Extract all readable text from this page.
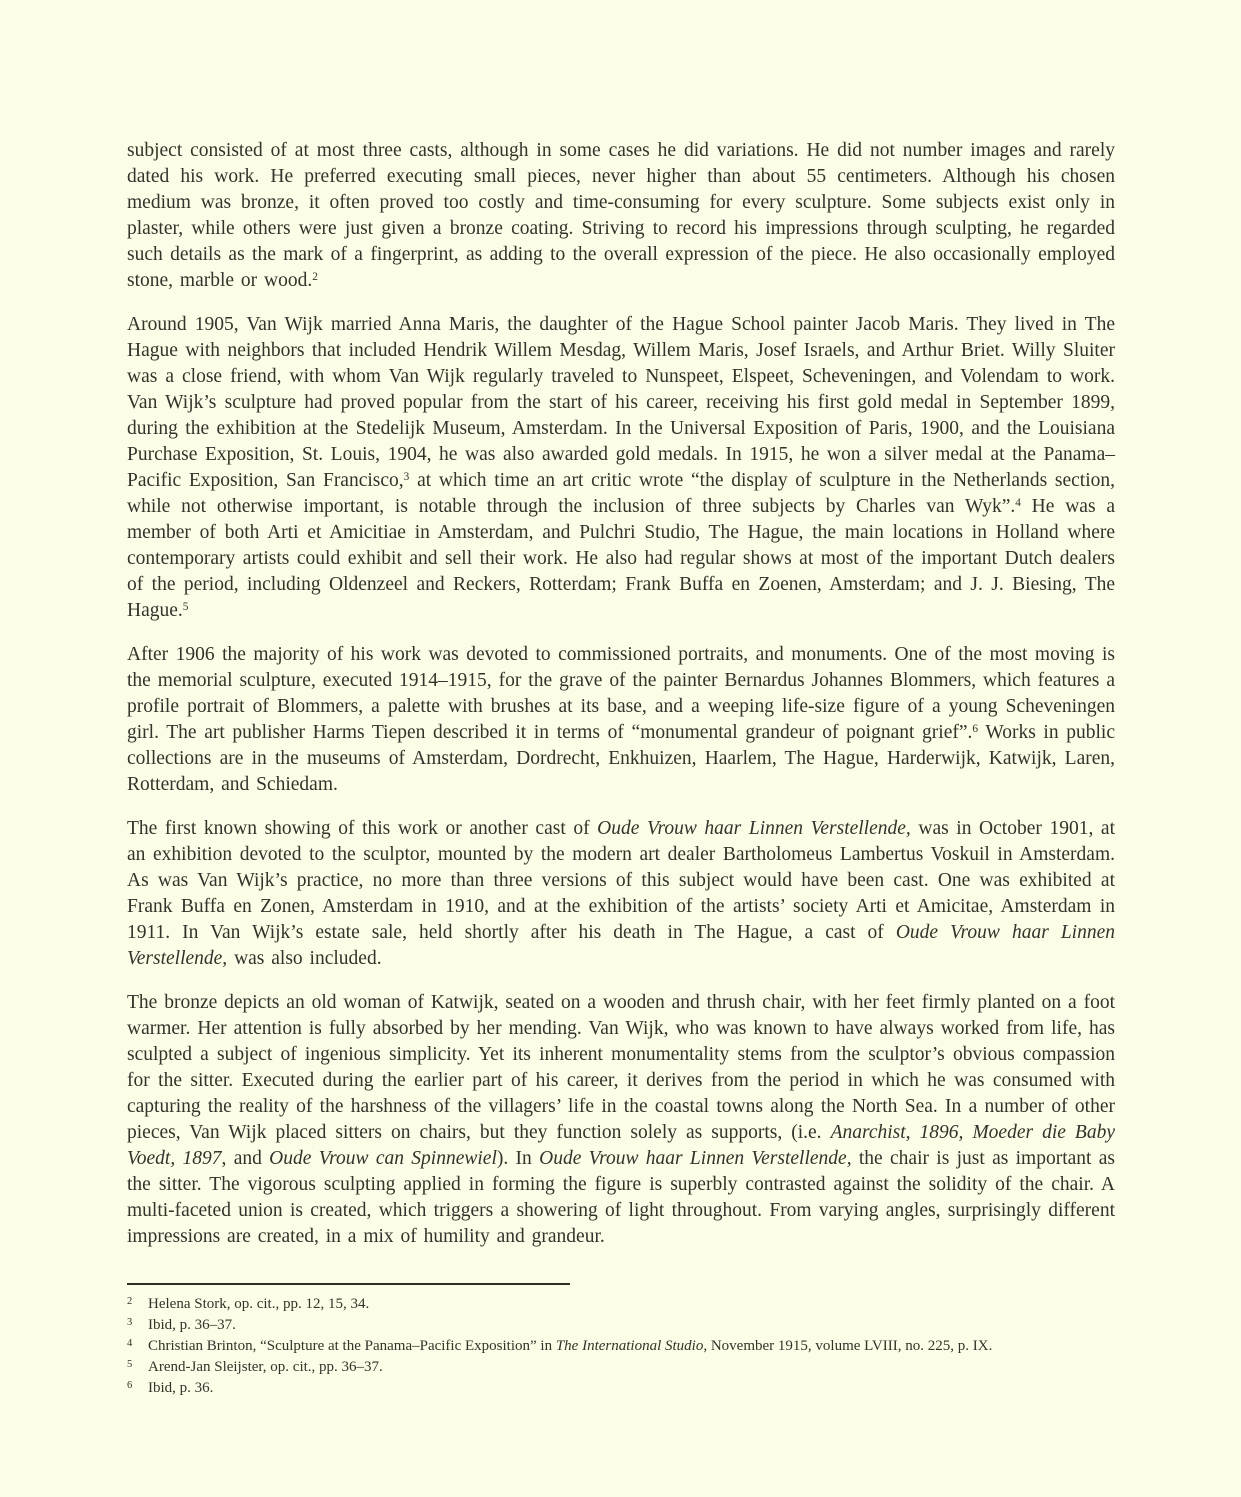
subject consisted of at most three casts, although in some cases he did variations. He did not number images and rarely dated his work. He preferred executing small pieces, never higher than about 55 centimeters. Although his chosen medium was bronze, it often proved too costly and time-consuming for every sculpture. Some subjects exist only in plaster, while others were just given a bronze coating. Striving to record his impressions through sculpting, he regarded such details as the mark of a fingerprint, as adding to the overall expression of the piece. He also occasionally employed stone, marble or wood.$^2$

Around 1905, Van Wijk married Anna Maris, the daughter of the Hague School painter Jacob Maris. They lived in The Hague with neighbors that included Hendrik Willem Mesdag, Willem Maris, Josef Israels, and Arthur Briet. Willy Sluiter was a close friend, with whom Van Wijk regularly traveled to Nunspeet, Elspeet, Scheveningen, and Volendam to work. Van Wijk’s sculpture had proved popular from the start of his career, receiving his first gold medal in September 1899, during the exhibition at the Stedelijk Museum, Amsterdam. In the Universal Exposition of Paris, 1900, and the Louisiana Purchase Exposition, St. Louis, 1904, he was also awarded gold medals. In 1915, he won a silver medal at the Panama–Pacific Exposition, San Francisco,$^3$ at which time an art critic wrote “the display of sculpture in the Netherlands section, while not otherwise important, is notable through the inclusion of three subjects by Charles van Wyk”.$^4$ He was a member of both Arti et Amicitiae in Amsterdam, and Pulchri Studio, The Hague, the main locations in Holland where contemporary artists could exhibit and sell their work. He also had regular shows at most of the important Dutch dealers of the period, including Oldenzeel and Reckers, Rotterdam; Frank Buffa en Zoenen, Amsterdam; and J. J. Biesing, The Hague.$^5$

After 1906 the majority of his work was devoted to commissioned portraits, and monuments. One of the most moving is the memorial sculpture, executed 1914–1915, for the grave of the painter Bernardus Johannes Blommers, which features a profile portrait of Blommers, a palette with brushes at its base, and a weeping life-size figure of a young Scheveningen girl. The art publisher Harms Tiepen described it in terms of “monumental grandeur of poignant grief”.$^6$ Works in public collections are in the museums of Amsterdam, Dordrecht, Enkhuizen, Haarlem, The Hague, Harderwijk, Katwijk, Laren, Rotterdam, and Schiedam.

The first known showing of this work or another cast of Oude Vrouw haar Linnen Verstellende, was in October 1901, at an exhibition devoted to the sculptor, mounted by the modern art dealer Bartholomeus Lambertus Voskuil in Amsterdam. As was Van Wijk’s practice, no more than three versions of this subject would have been cast. One was exhibited at Frank Buffa en Zonen, Amsterdam in 1910, and at the exhibition of the artists’ society Arti et Amicitae, Amsterdam in 1911. In Van Wijk’s estate sale, held shortly after his death in The Hague, a cast of Oude Vrouw haar Linnen Verstellende, was also included.

The bronze depicts an old woman of Katwijk, seated on a wooden and thrush chair, with her feet firmly planted on a foot warmer. Her attention is fully absorbed by her mending. Van Wijk, who was known to have always worked from life, has sculpted a subject of ingenious simplicity. Yet its inherent monumentality stems from the sculptor’s obvious compassion for the sitter. Executed during the earlier part of his career, it derives from the period in which he was consumed with capturing the reality of the harshness of the villagers’ life in the coastal towns along the North Sea. In a number of other pieces, Van Wijk placed sitters on chairs, but they function solely as supports, (i.e. Anarchist, 1896, Moeder die Baby Voedt, 1897, and Oude Vrouw can Spinnewiel). In Oude Vrouw haar Linnen Verstellende, the chair is just as important as the sitter. The vigorous sculpting applied in forming the figure is superbly contrasted against the solidity of the chair. A multi-faceted union is created, which triggers a showering of light throughout. From varying angles, surprisingly different impressions are created, in a mix of humility and grandeur.

2	Helena Stork, op. cit., pp. 12, 15, 34.
3	Ibid, p. 36–37.
4	Christian Brinton, “Sculpture at the Panama–Pacific Exposition” in The International Studio, November 1915, volume LVIII, no. 225, p. IX.
5	Arend-Jan Sleijster, op. cit., pp. 36–37.
6	Ibid, p. 36.
